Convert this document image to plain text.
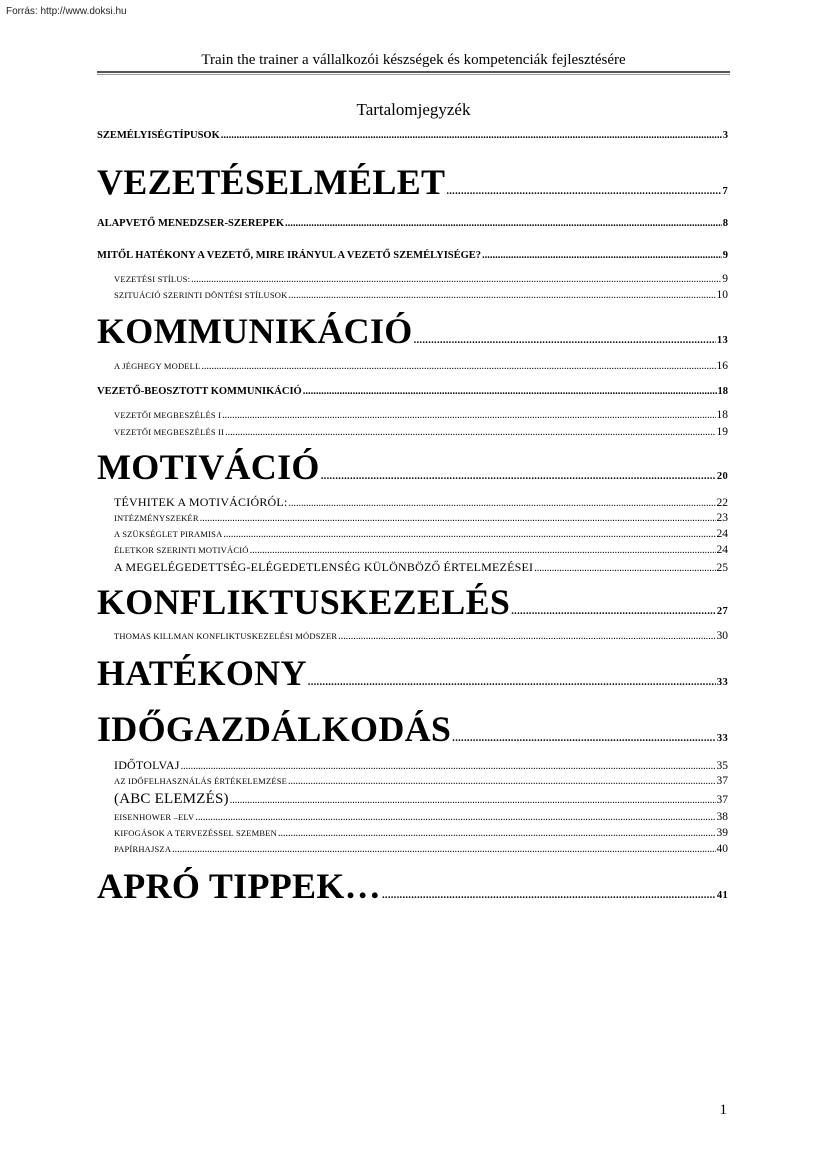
Forrás: http://www.doksi.hu
Train the trainer a vállalkozói készségek és kompetenciák fejlesztésére
Tartalomjegyzék
SZEMÉLYISÉGTÍPUSOK .....	3
VEZETÉSELMÉLET .....	7
ALAPVETŐ MENEDZSER-SZEREPEK .....	8
MITŐL HATÉKONY A VEZETŐ, MIRE IRÁNYUL A VEZETŐ SZEMÉLYISÉGE? .....	9
VEZETÉSI STÍLUS: .....	9
SZITUÁCIÓ SZERINTI DÖNTÉSI STÍLUSOK .....	10
KOMMUNIKÁCIÓ .....	13
A JÉGHEGY MODELL .....	16
VEZETŐ-BEOSZTOTT KOMMUNIKÁCIÓ .....	18
VEZETŐI MEGBESZÉLÉS I .....	18
VEZETŐI MEGBESZÉLÉS II .....	19
MOTIVÁCIÓ .....	20
TÉVHITEK A MOTIVÁCIÓRÓL: .....	22
INTÉZMÉNYSZEKÉR .....	23
A SZÜKSÉGLET PIRAMISA .....	24
ÉLETKOR SZERINTI MOTIVÁCIÓ .....	24
A MEGELÉGEDETTSÉG-ELÉGEDETLENSÉG KÜLÖNBÖZŐ ÉRTELMEZÉSEI .....	25
KONFLIKTUSKEZELÉS .....	27
THOMAS KILLMAN KONFLIKTUSKEZELÉSI MÓDSZER .....	30
HATÉKONY .....	33
IDŐGAZDÁLKODÁS .....	33
IDŐTOLVAJ .....	35
AZ IDŐFELHASZNÁLÁS ÉRTÉKELEMZÉSE .....	37
(ABC ELEMZÉS) .....	37
EISENHOWER –ELV .....	38
KIFOGÁSOK A TERVEZÉSSEL SZEMBEN .....	39
PAPÍRHAJSZA .....	40
APRÓ TIPPEK… .....	41
1
